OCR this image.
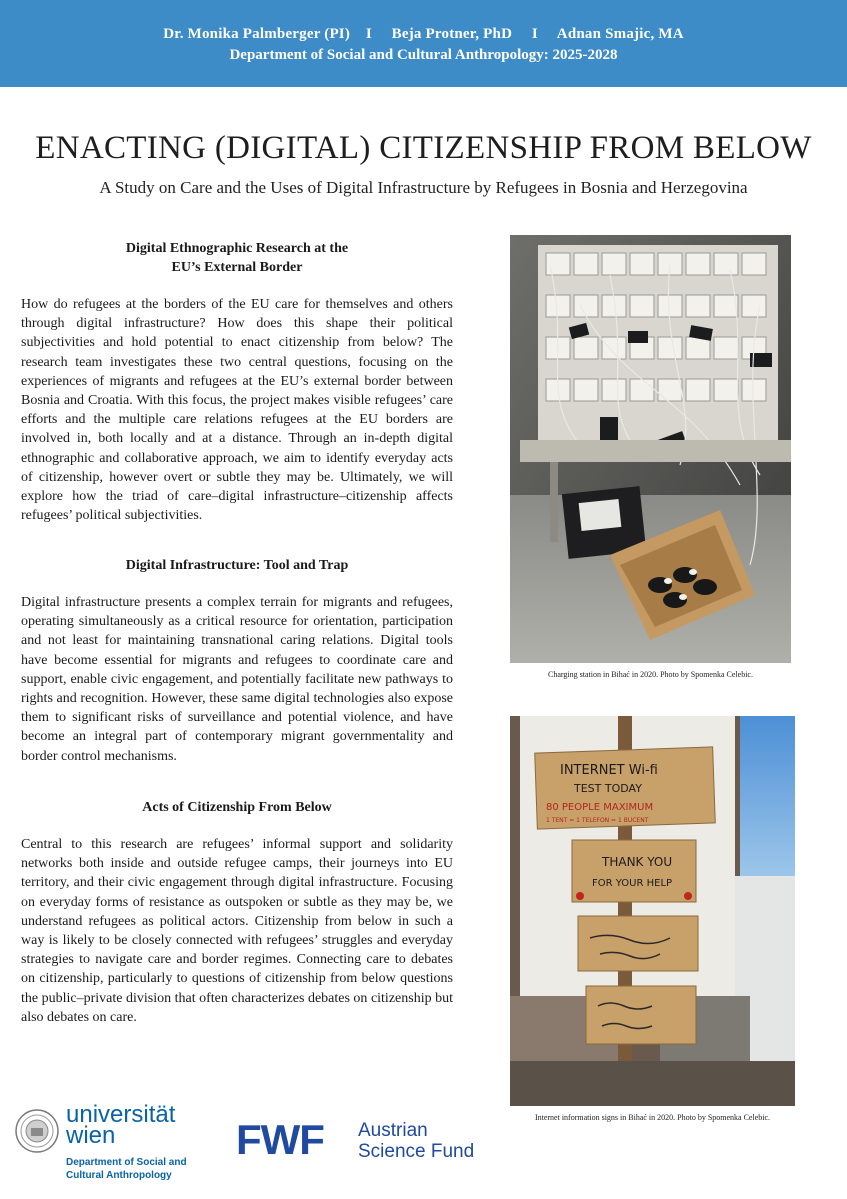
Dr. Monika Palmberger (PI)    I     Beja Protner, PhD     I     Adnan Smajic, MA
Department of Social and Cultural Anthropology: 2025-2028
ENACTING (DIGITAL) CITIZENSHIP FROM BELOW
A Study on Care and the Uses of Digital Infrastructure by Refugees in Bosnia and Herzegovina
Digital Ethnographic Research at the
EU’s External Border
How do refugees at the borders of the EU care for themselves and others through digital infrastructure? How does this shape their political subjectivities and hold potential to enact citizenship from below? The research team investigates these two central questions, focusing on the experiences of migrants and refugees at the EU’s external border between Bosnia and Croatia. With this focus, the project makes visible refugees’ care efforts and the multiple care relations refugees at the EU borders are involved in, both locally and at a distance. Through an in-depth digital ethnographic and collaborative approach, we aim to identify everyday acts of citizenship, however overt or subtle they may be. Ultimately, we will explore how the triad of care–digital infrastructure–citizenship affects refugees’ political subjectivities.
Digital Infrastructure: Tool and Trap
Digital infrastructure presents a complex terrain for migrants and refugees, operating simultaneously as a critical resource for orientation, participation and not least for maintaining transnational caring relations. Digital tools have become essential for migrants and refugees to coordinate care and support, enable civic engagement, and potentially facilitate new pathways to rights and recognition. However, these same digital technologies also expose them to significant risks of surveillance and potential violence, and have become an integral part of contemporary migrant governmentality and border control mechanisms.
Acts of Citizenship From Below
Central to this research are refugees’ informal support and solidarity networks both inside and outside refugee camps, their journeys into EU territory, and their civic engagement through digital infrastructure. Focusing on everyday forms of resistance as outspoken or subtle as they may be, we understand refugees as political actors. Citizenship from below in such a way is likely to be closely connected with refugees’ struggles and everyday strategies to navigate care and border regimes. Connecting care to debates on citizenship, particularly to questions of citizenship from below questions the public–private division that often characterizes debates on citizenship but also debates on care.
Charging station in Bihać in 2020. Photo by Spomenka Celebic.
INTERNET Wi-fi
TEST TODAY
80 PEOPLE MAXIMUM
1 TENT = 1 TELEFON = 1 BUCENT
THANK YOU
FOR YOUR HELP
Internet information signs in Bihać in 2020. Photo by Spomenka Celebic.
universität
wien
Department of Social and
Cultural Anthropology
FWF Austrian
Science Fund
